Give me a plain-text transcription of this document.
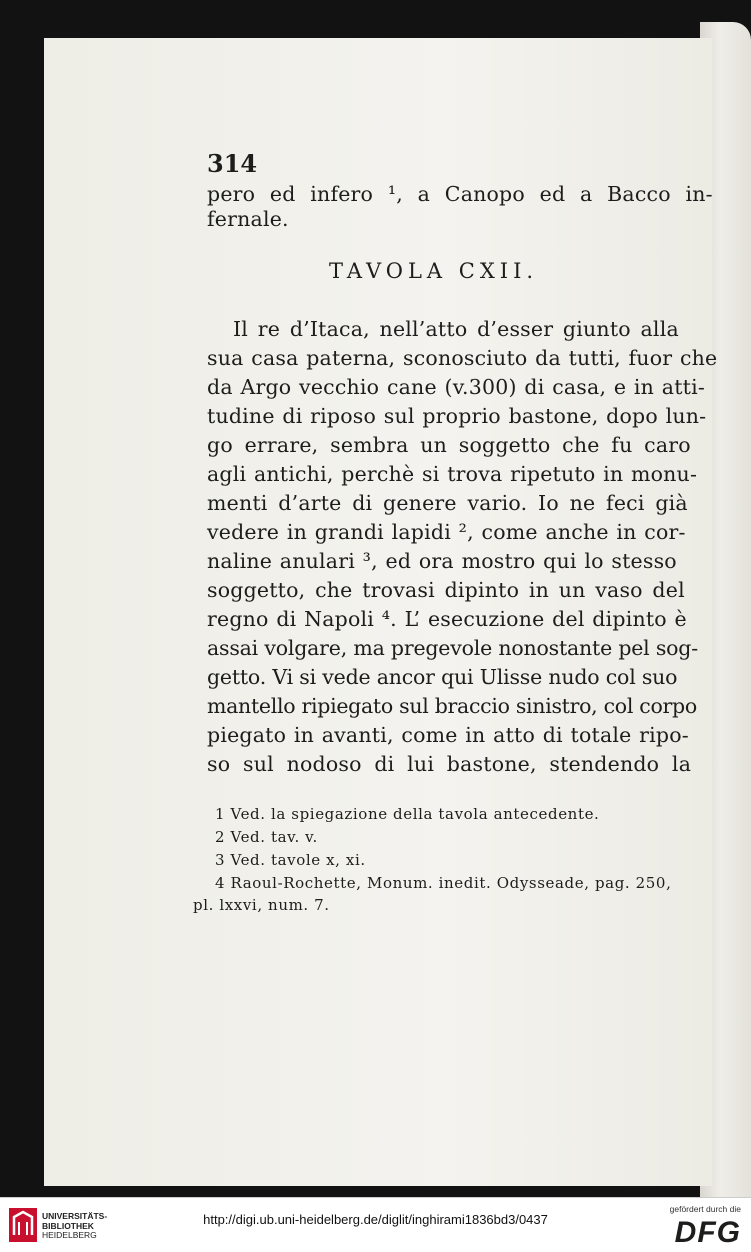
314
pero ed infero ¹, a Canopo ed a Bacco in-
fernale.
TAVOLA CXII.
Il re d’Itaca, nell’atto d’esser giunto alla
sua casa paterna, sconosciuto da tutti, fuor che
da Argo vecchio cane (v.300) di casa, e in atti-
tudine di riposo sul proprio bastone, dopo lun-
go errare, sembra un soggetto che fu caro
agli antichi, perchè si trova ripetuto in monu-
menti d’arte di genere vario. Io ne feci già
vedere in grandi lapidi ², come anche in cor-
naline anulari ³, ed ora mostro qui lo stesso
soggetto, che trovasi dipinto in un vaso del
regno di Napoli ⁴. L’ esecuzione del dipinto è
assai volgare, ma pregevole nonostante pel sog-
getto. Vi si vede ancor qui Ulisse nudo col suo
mantello ripiegato sul braccio sinistro, col corpo
piegato in avanti, come in atto di totale ripo-
so sul nodoso di lui bastone, stendendo la
1 Ved. la spiegazione della tavola antecedente.
2 Ved. tav. v.
3 Ved. tavole x, xi.
4 Raoul-Rochette, Monum. inedit. Odysseade, pag. 250,
pl. lxxvi, num. 7.
UNIVERSITÄTS-
BIBLIOTHEK
HEIDELBERG
http://digi.ub.uni-heidelberg.de/diglit/inghirami1836bd3/0437
gefördert durch die
DFG
